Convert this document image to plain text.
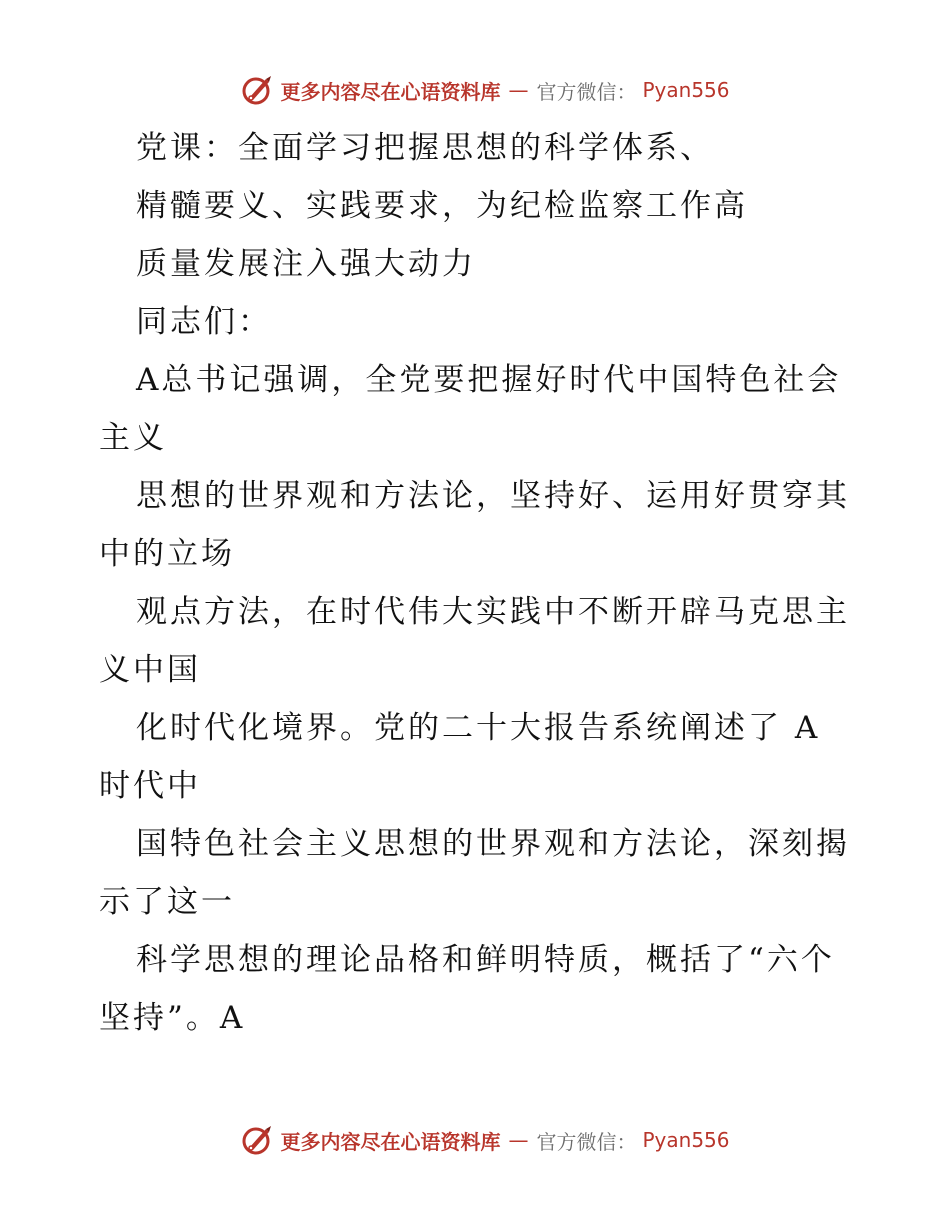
更多内容尽在心语资料库 — 官方微信： Pyan556
党课：全面学习把握思想的科学体系、
精髓要义、实践要求，为纪检监察工作高
质量发展注入强大动力
同志们：
A总书记强调，全党要把握好时代中国特色社会
主义
思想的世界观和方法论，坚持好、运用好贯穿其
中的立场
观点方法，在时代伟大实践中不断开辟马克思主
义中国
化时代化境界。党的二十大报告系统阐述了 A
时代中
国特色社会主义思想的世界观和方法论，深刻揭
示了这一
科学思想的理论品格和鲜明特质，概括了“六个
坚持”。A
更多内容尽在心语资料库 — 官方微信： Pyan556
